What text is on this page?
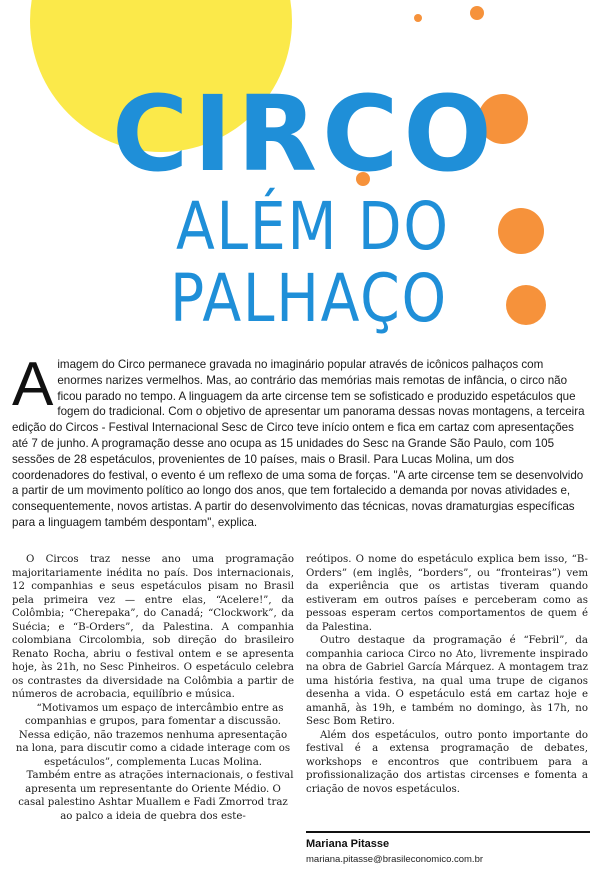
CIRCO
ALÉM DO
PALHAÇO

A imagem do Circo permanece gravada no imaginário popular através de icônicos palhaços com enormes narizes vermelhos. Mas, ao contrário das memórias mais remotas de infância, o circo não ficou parado no tempo. A linguagem da arte circense tem se sofisticado e produzido espetáculos que fogem do tradicional. Com o objetivo de apresentar um panorama dessas novas montagens, a terceira edição do Circos - Festival Internacional Sesc de Circo teve início ontem e fica em cartaz com apresentações até 7 de junho. A programação desse ano ocupa as 15 unidades do Sesc na Grande São Paulo, com 105 sessões de 28 espetáculos, provenientes de 10 países, mais o Brasil. Para Lucas Molina, um dos coordenadores do festival, o evento é um reflexo de uma soma de forças. "A arte circense tem se desenvolvido a partir de um movimento político ao longo dos anos, que tem fortalecido a demanda por novas atividades e, consequentemente, novos artistas. A partir do desenvolvimento das técnicas, novas dramaturgias específicas para a linguagem também despontam", explica.

O Circos traz nesse ano uma programação majoritariamente inédita no país. Dos internacionais, 12 companhias e seus espetáculos pisam no Brasil pela primeira vez — entre elas, “Acelere!”, da Colômbia; “Cherepaka”, do Canadá; “Clockwork”, da Suécia; e “B-Orders”, da Palestina. A companhia colombiana Circolombia, sob direção do brasileiro Renato Rocha, abriu o festival ontem e se apresenta hoje, às 21h, no Sesc Pinheiros. O espetáculo celebra os contrastes da diversidade na Colômbia a partir de números de acrobacia, equilíbrio e música.

“Motivamos um espaço de intercâmbio entre as companhias e grupos, para fomentar a discussão. Nessa edição, não trazemos nenhuma apresentação na lona, para discutir como a cidade interage com os espetáculos”, complementa Lucas Molina.

Também entre as atrações internacionais, o festival apresenta um representante do Oriente Médio. O casal palestino Ashtar Muallem e Fadi Zmorrod traz ao palco a ideia de quebra dos este-

reótipos. O nome do espetáculo explica bem isso, “B-Orders” (em inglês, “borders”, ou “fronteiras”) vem da experiência que os artistas tiveram quando estiveram em outros países e perceberam como as pessoas esperam certos comportamentos de quem é da Palestina.

Outro destaque da programação é “Febril”, da companhia carioca Circo no Ato, livremente inspirado na obra de Gabriel García Márquez. A montagem traz uma história festiva, na qual uma trupe de ciganos desenha a vida. O espetáculo está em cartaz hoje e amanhã, às 19h, e também no domingo, às 17h, no Sesc Bom Retiro.

Além dos espetáculos, outro ponto importante do festival é a extensa programação de debates, workshops e encontros que contribuem para a profissionalização dos artistas circenses e fomenta a criação de novos espetáculos.

Mariana Pitasse
mariana.pitasse@brasileconomico.com.br
